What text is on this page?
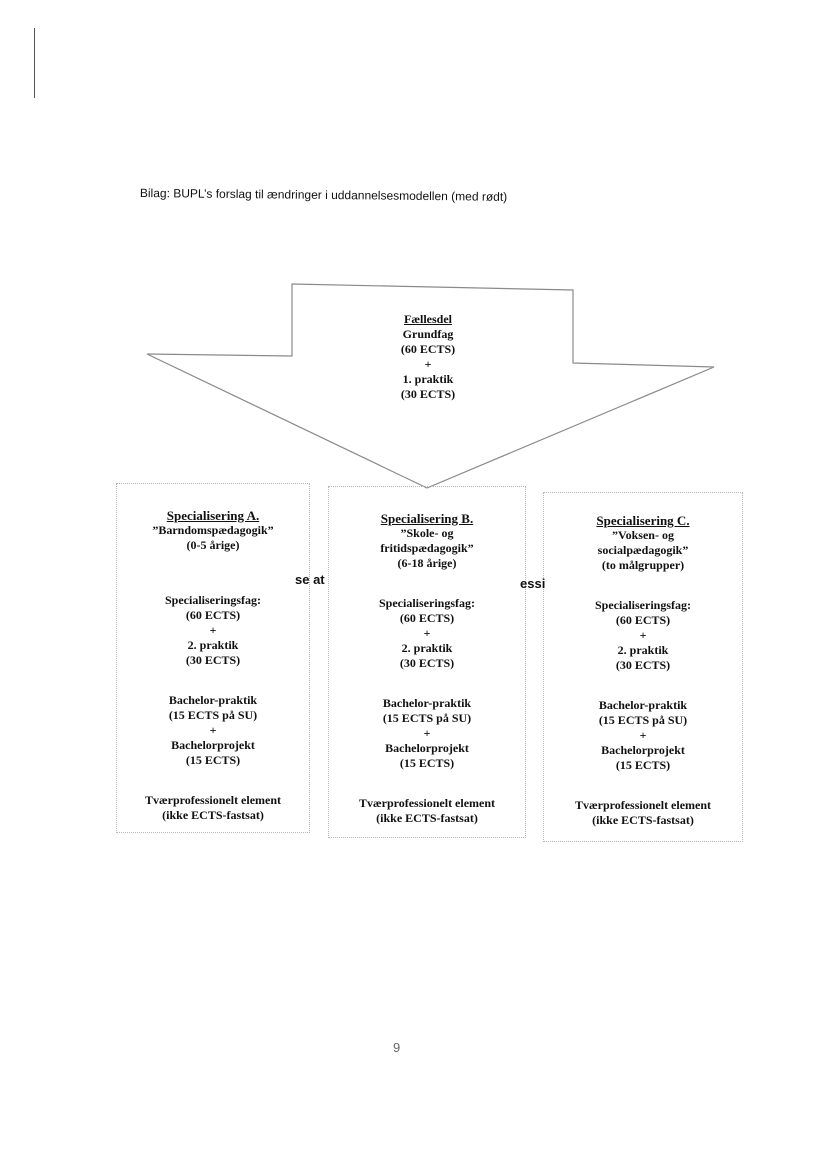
Bilag: BUPL’s forslag til ændringer i uddannelsesmodellen (med rødt)
Fællesdel
Grundfag
(60 ECTS)
+
1. praktik
(30 ECTS)
Specialisering A.
”Barndomspædagogik”
(0-5 årige)
Specialiseringsfag:
(60 ECTS)
+
2. praktik
(30 ECTS)
Bachelor-praktik
(15 ECTS på SU)
+
Bachelorprojekt
(15 ECTS)
Tværprofessionelt element
(ikke ECTS-fastsat)
Specialisering B.
”Skole- og
fritidspædagogik”
(6-18 årige)
Specialiseringsfag:
(60 ECTS)
+
2. praktik
(30 ECTS)
Bachelor-praktik
(15 ECTS på SU)
+
Bachelorprojekt
(15 ECTS)
Tværprofessionelt element
(ikke ECTS-fastsat)
Specialisering C.
”Voksen- og
socialpædagogik”
(to målgrupper)
Specialiseringsfag:
(60 ECTS)
+
2. praktik
(30 ECTS)
Bachelor-praktik
(15 ECTS på SU)
+
Bachelorprojekt
(15 ECTS)
Tværprofessionelt element
(ikke ECTS-fastsat)
se at	essi
9
